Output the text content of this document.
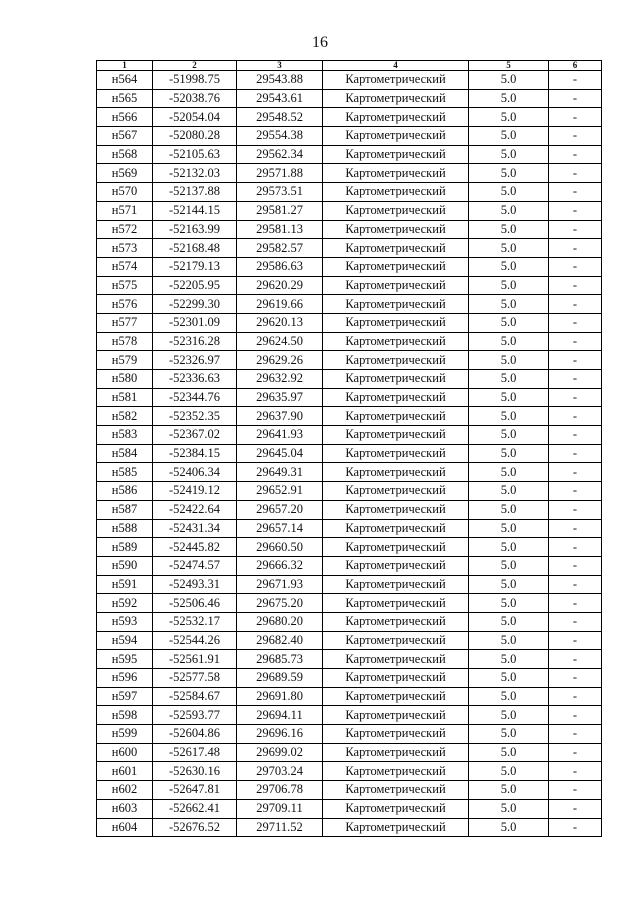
16
1	2	3	4	5	6
н564	-51998.75	29543.88	Картометрический	5.0	-
н565	-52038.76	29543.61	Картометрический	5.0	-
н566	-52054.04	29548.52	Картометрический	5.0	-
н567	-52080.28	29554.38	Картометрический	5.0	-
н568	-52105.63	29562.34	Картометрический	5.0	-
н569	-52132.03	29571.88	Картометрический	5.0	-
н570	-52137.88	29573.51	Картометрический	5.0	-
н571	-52144.15	29581.27	Картометрический	5.0	-
н572	-52163.99	29581.13	Картометрический	5.0	-
н573	-52168.48	29582.57	Картометрический	5.0	-
н574	-52179.13	29586.63	Картометрический	5.0	-
н575	-52205.95	29620.29	Картометрический	5.0	-
н576	-52299.30	29619.66	Картометрический	5.0	-
н577	-52301.09	29620.13	Картометрический	5.0	-
н578	-52316.28	29624.50	Картометрический	5.0	-
н579	-52326.97	29629.26	Картометрический	5.0	-
н580	-52336.63	29632.92	Картометрический	5.0	-
н581	-52344.76	29635.97	Картометрический	5.0	-
н582	-52352.35	29637.90	Картометрический	5.0	-
н583	-52367.02	29641.93	Картометрический	5.0	-
н584	-52384.15	29645.04	Картометрический	5.0	-
н585	-52406.34	29649.31	Картометрический	5.0	-
н586	-52419.12	29652.91	Картометрический	5.0	-
н587	-52422.64	29657.20	Картометрический	5.0	-
н588	-52431.34	29657.14	Картометрический	5.0	-
н589	-52445.82	29660.50	Картометрический	5.0	-
н590	-52474.57	29666.32	Картометрический	5.0	-
н591	-52493.31	29671.93	Картометрический	5.0	-
н592	-52506.46	29675.20	Картометрический	5.0	-
н593	-52532.17	29680.20	Картометрический	5.0	-
н594	-52544.26	29682.40	Картометрический	5.0	-
н595	-52561.91	29685.73	Картометрический	5.0	-
н596	-52577.58	29689.59	Картометрический	5.0	-
н597	-52584.67	29691.80	Картометрический	5.0	-
н598	-52593.77	29694.11	Картометрический	5.0	-
н599	-52604.86	29696.16	Картометрический	5.0	-
н600	-52617.48	29699.02	Картометрический	5.0	-
н601	-52630.16	29703.24	Картометрический	5.0	-
н602	-52647.81	29706.78	Картометрический	5.0	-
н603	-52662.41	29709.11	Картометрический	5.0	-
н604	-52676.52	29711.52	Картометрический	5.0	-
